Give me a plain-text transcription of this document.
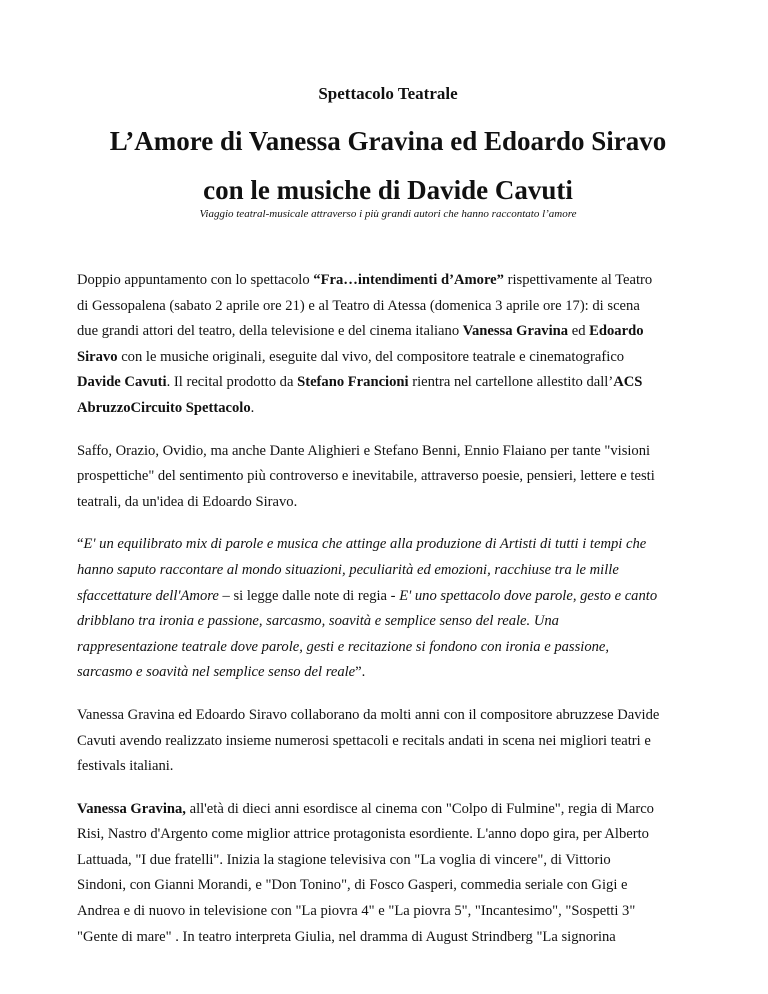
Spettacolo Teatrale
L’Amore di Vanessa Gravina ed Edoardo Siravo
con le musiche di Davide Cavuti
Viaggio teatral-musicale attraverso i più grandi autori che hanno raccontato l’amore

Doppio appuntamento con lo spettacolo “Fra…intendimenti d’Amore” rispettivamente al Teatro
di Gessopalena (sabato 2 aprile ore 21) e al Teatro di Atessa (domenica 3 aprile ore 17): di scena
due grandi attori del teatro, della televisione e del cinema italiano Vanessa Gravina ed Edoardo
Siravo con le musiche originali, eseguite dal vivo, del compositore teatrale e cinematografico
Davide Cavuti. Il recital prodotto da Stefano Francioni rientra nel cartellone allestito dall’ACS
AbruzzoCircuito Spettacolo.

Saffo, Orazio, Ovidio, ma anche Dante Alighieri e Stefano Benni, Ennio Flaiano per tante "visioni
prospettiche" del sentimento più controverso e inevitabile, attraverso poesie, pensieri, lettere e testi
teatrali, da un'idea di Edoardo Siravo.

“E' un equilibrato mix di parole e musica che attinge alla produzione di Artisti di tutti i tempi che
hanno saputo raccontare al mondo situazioni, peculiarità ed emozioni, racchiuse tra le mille
sfaccettature dell'Amore – si legge dalle note di regia - E' uno spettacolo dove parole, gesto e canto
dribblano tra ironia e passione, sarcasmo, soavità e semplice senso del reale. Una
rappresentazione teatrale dove parole, gesti e recitazione si fondono con ironia e passione,
sarcasmo e soavità nel semplice senso del reale”.

Vanessa Gravina ed Edoardo Siravo collaborano da molti anni con il compositore abruzzese Davide
Cavuti avendo realizzato insieme numerosi spettacoli e recitals andati in scena nei migliori teatri e
festivals italiani.

Vanessa Gravina, all'età di dieci anni esordisce al cinema con "Colpo di Fulmine", regia di Marco
Risi, Nastro d'Argento come miglior attrice protagonista esordiente. L'anno dopo gira, per Alberto
Lattuada, "I due fratelli". Inizia la stagione televisiva con "La voglia di vincere", di Vittorio
Sindoni, con Gianni Morandi, e "Don Tonino", di Fosco Gasperi, commedia seriale con Gigi e
Andrea e di nuovo in televisione con "La piovra 4" e "La piovra 5", "Incantesimo", "Sospetti 3"
"Gente di mare" . In teatro interpreta Giulia, nel dramma di August Strindberg "La signorina
